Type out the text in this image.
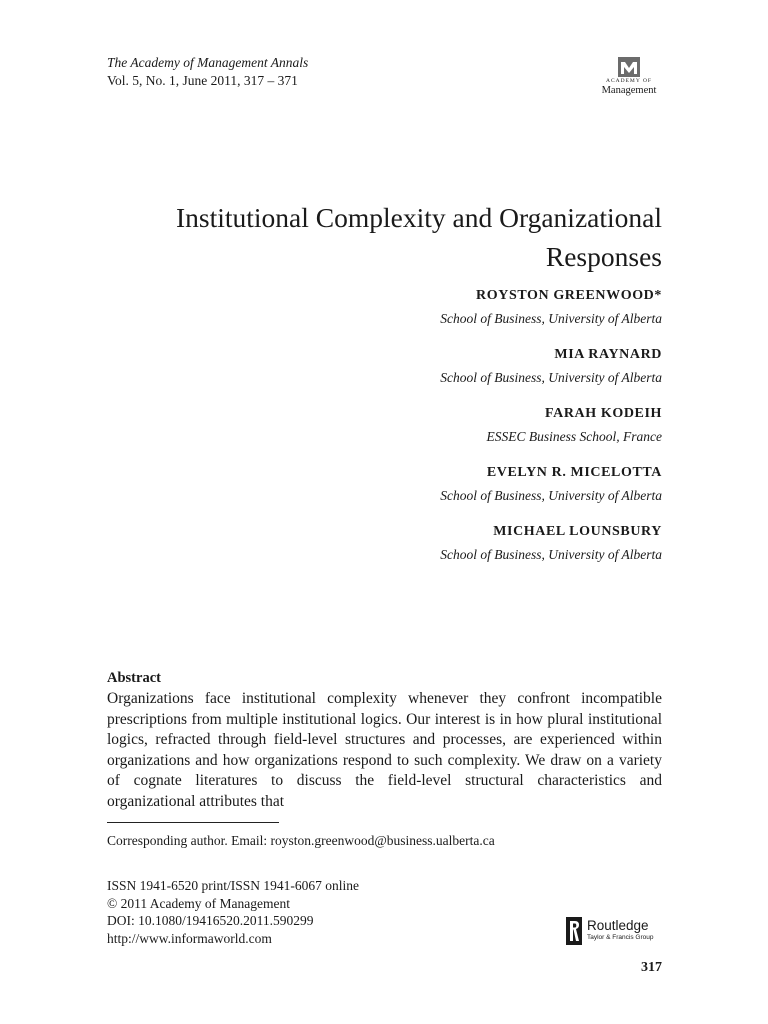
The Academy of Management Annals
Vol. 5, No. 1, June 2011, 317 – 371	ACADEMY OF
Management
Institutional Complexity and Organizational
Responses
ROYSTON GREENWOOD*
School of Business, University of Alberta
MIA RAYNARD
School of Business, University of Alberta
FARAH KODEIH
ESSEC Business School, France
EVELYN R. MICELOTTA
School of Business, University of Alberta
MICHAEL LOUNSBURY
School of Business, University of Alberta
Abstract

Organizations face institutional complexity whenever they confront incompatible prescriptions from multiple institutional logics. Our interest is in how plural institutional logics, refracted through field-level structures and processes, are experienced within organizations and how organizations respond to such complexity. We draw on a variety of cognate literatures to discuss the field-level structural characteristics and organizational attributes that

Corresponding author. Email: royston.greenwood@business.ualberta.ca
ISSN 1941-6520 print/ISSN 1941-6067 online
© 2011 Academy of Management
DOI: 10.1080/19416520.2011.590299
http://www.informaworld.com
Routledge
Taylor & Francis Group
317
